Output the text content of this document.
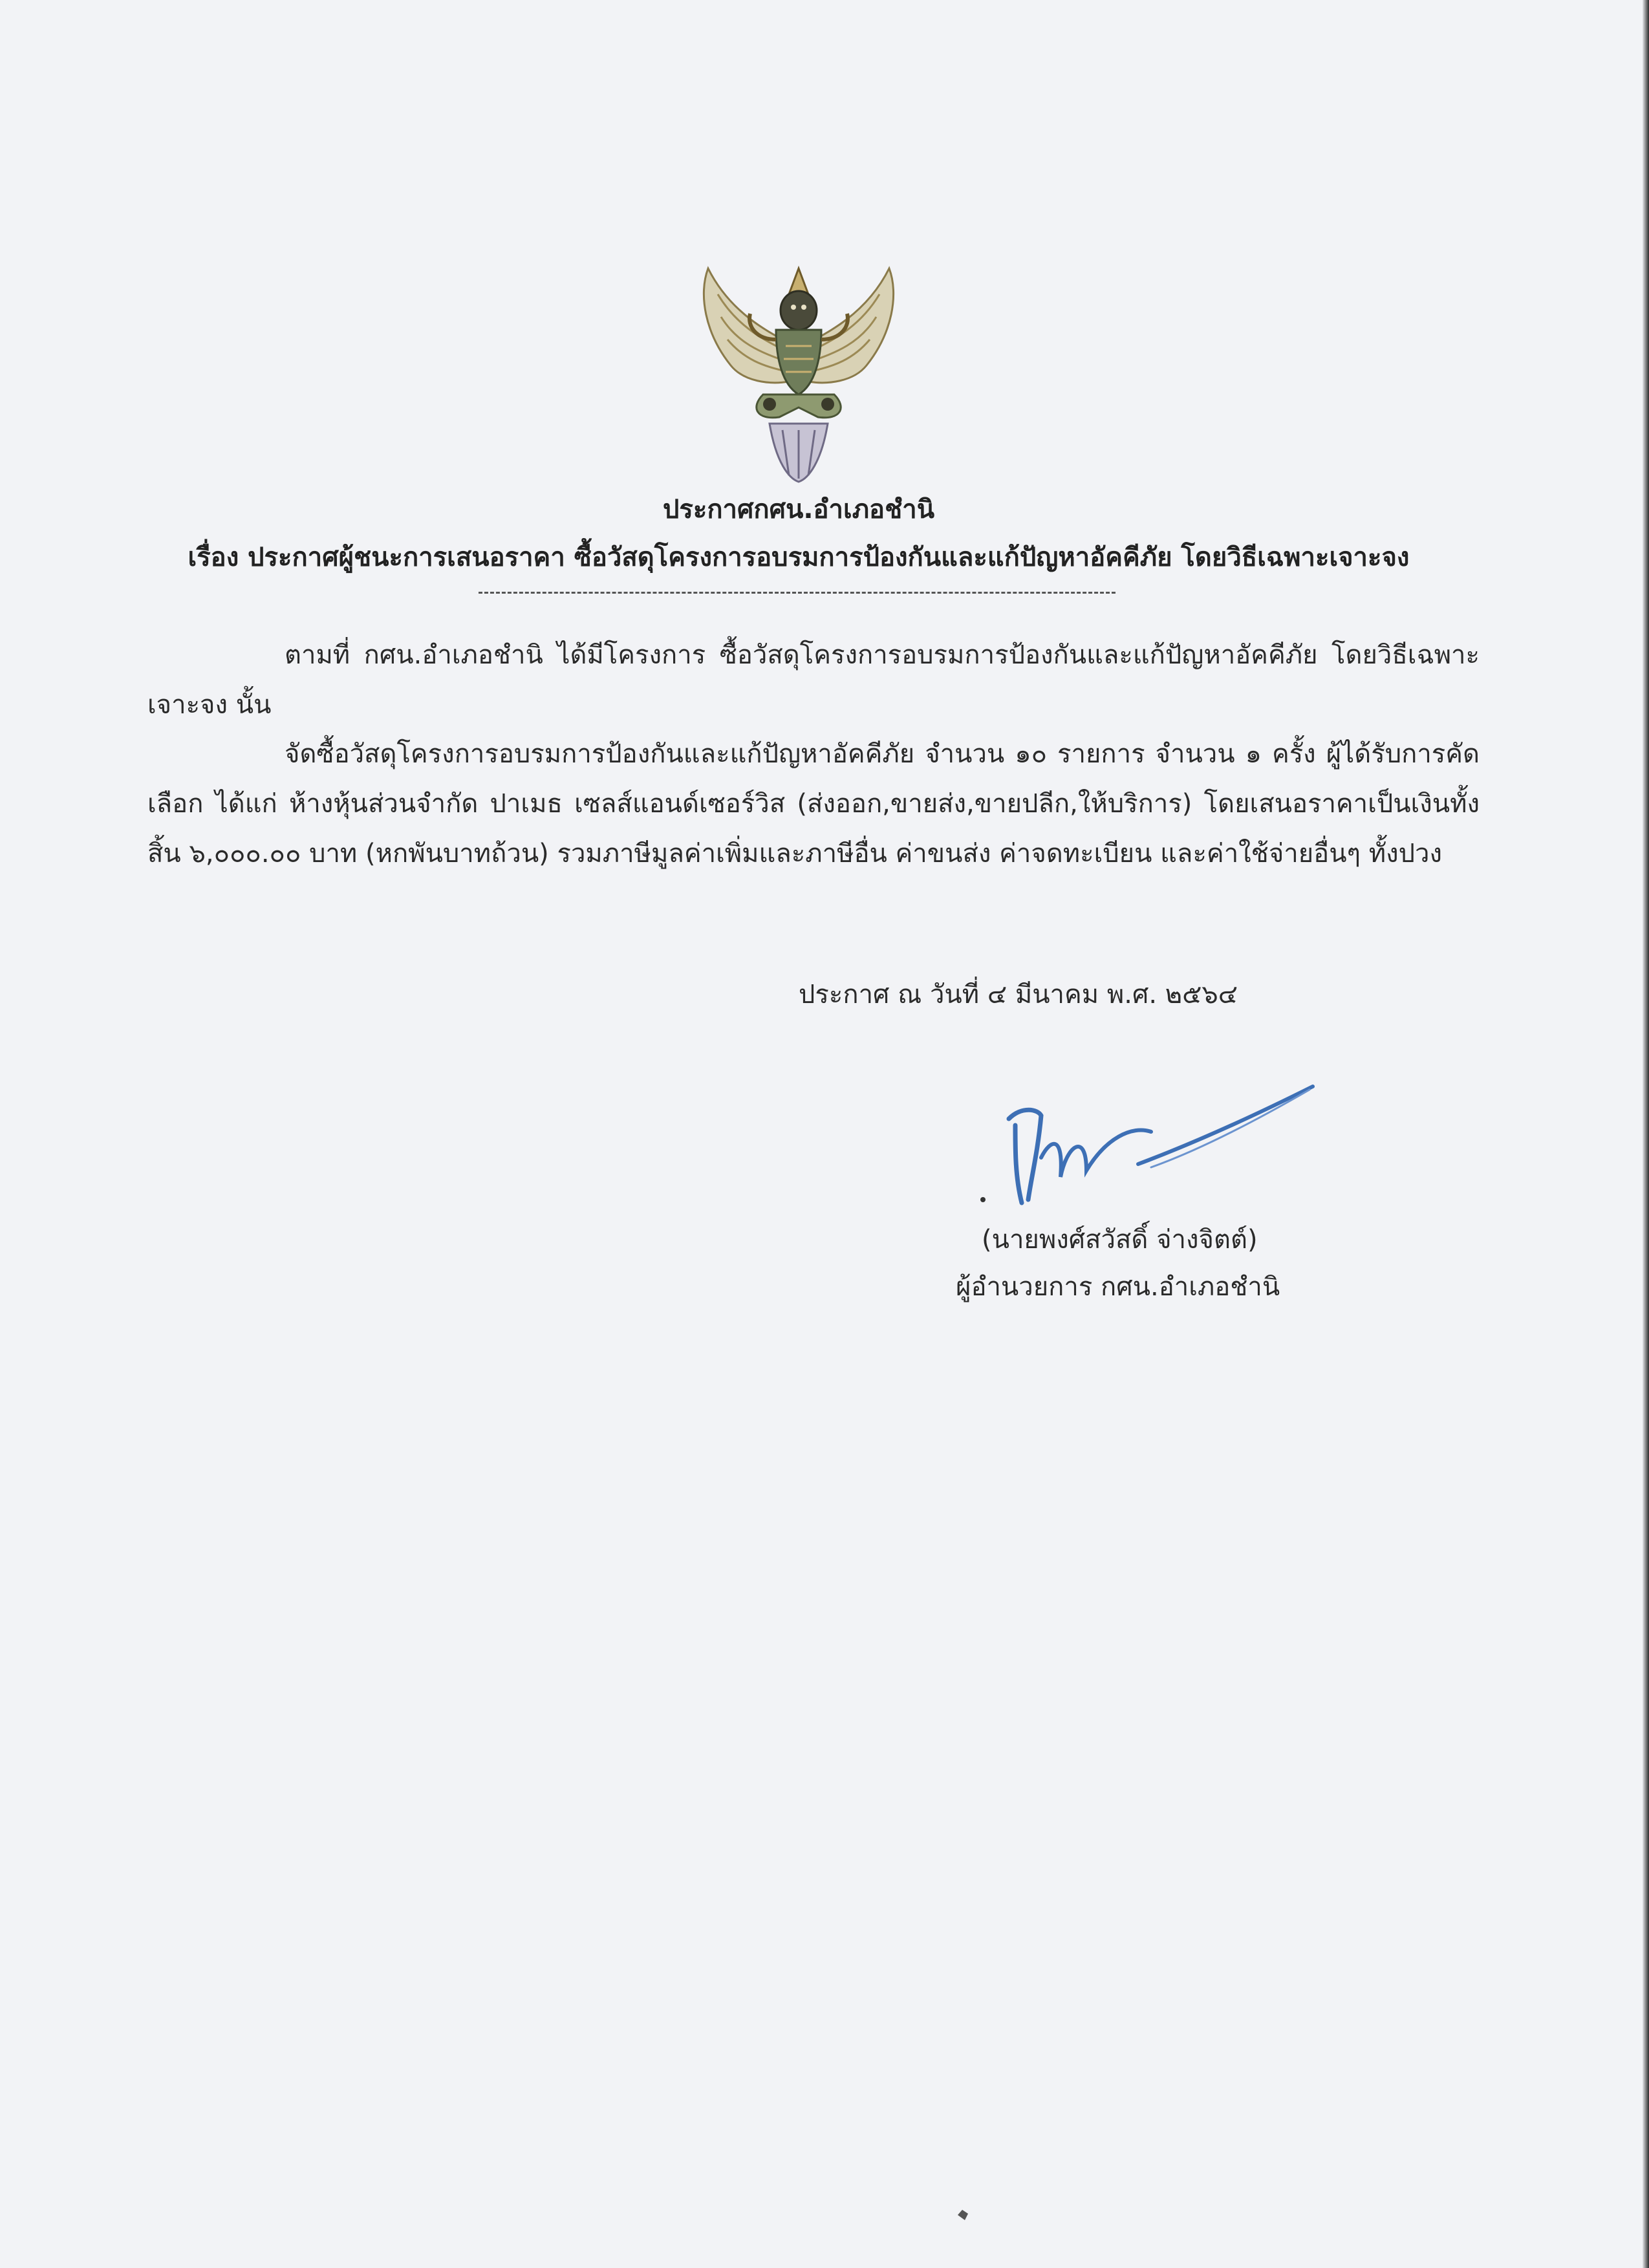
ประกาศกศน.อำเภอชำนิ
เรื่อง ประกาศผู้ชนะการเสนอราคา ซื้อวัสดุโครงการอบรมการป้องกันและแก้ปัญหาอัคคีภัย โดยวิธีเฉพาะเจาะจง
ตามที่ กศน.อำเภอชำนิ ได้มีโครงการ ซื้อวัสดุโครงการอบรมการป้องกันและแก้ปัญหาอัคคีภัย โดยวิธีเฉพาะเจาะจง นั้น
จัดซื้อวัสดุโครงการอบรมการป้องกันและแก้ปัญหาอัคคีภัย จำนวน ๑๐ รายการ จำนวน ๑ ครั้ง ผู้ได้รับการคัดเลือก ได้แก่ ห้างหุ้นส่วนจำกัด ปาเมธ เซลส์แอนด์เซอร์วิส (ส่งออก,ขายส่ง,ขายปลีก,ให้บริการ) โดยเสนอราคาเป็นเงินทั้งสิ้น ๖,๐๐๐.๐๐ บาท (หกพันบาทถ้วน) รวมภาษีมูลค่าเพิ่มและภาษีอื่น ค่าขนส่ง ค่าจดทะเบียน และค่าใช้จ่ายอื่นๆ ทั้งปวง
ประกาศ ณ วันที่ ๔ มีนาคม พ.ศ. ๒๕๖๔
(นายพงศ์สวัสดิ์ จ่างจิตต์)
ผู้อำนวยการ กศน.อำเภอชำนิ
